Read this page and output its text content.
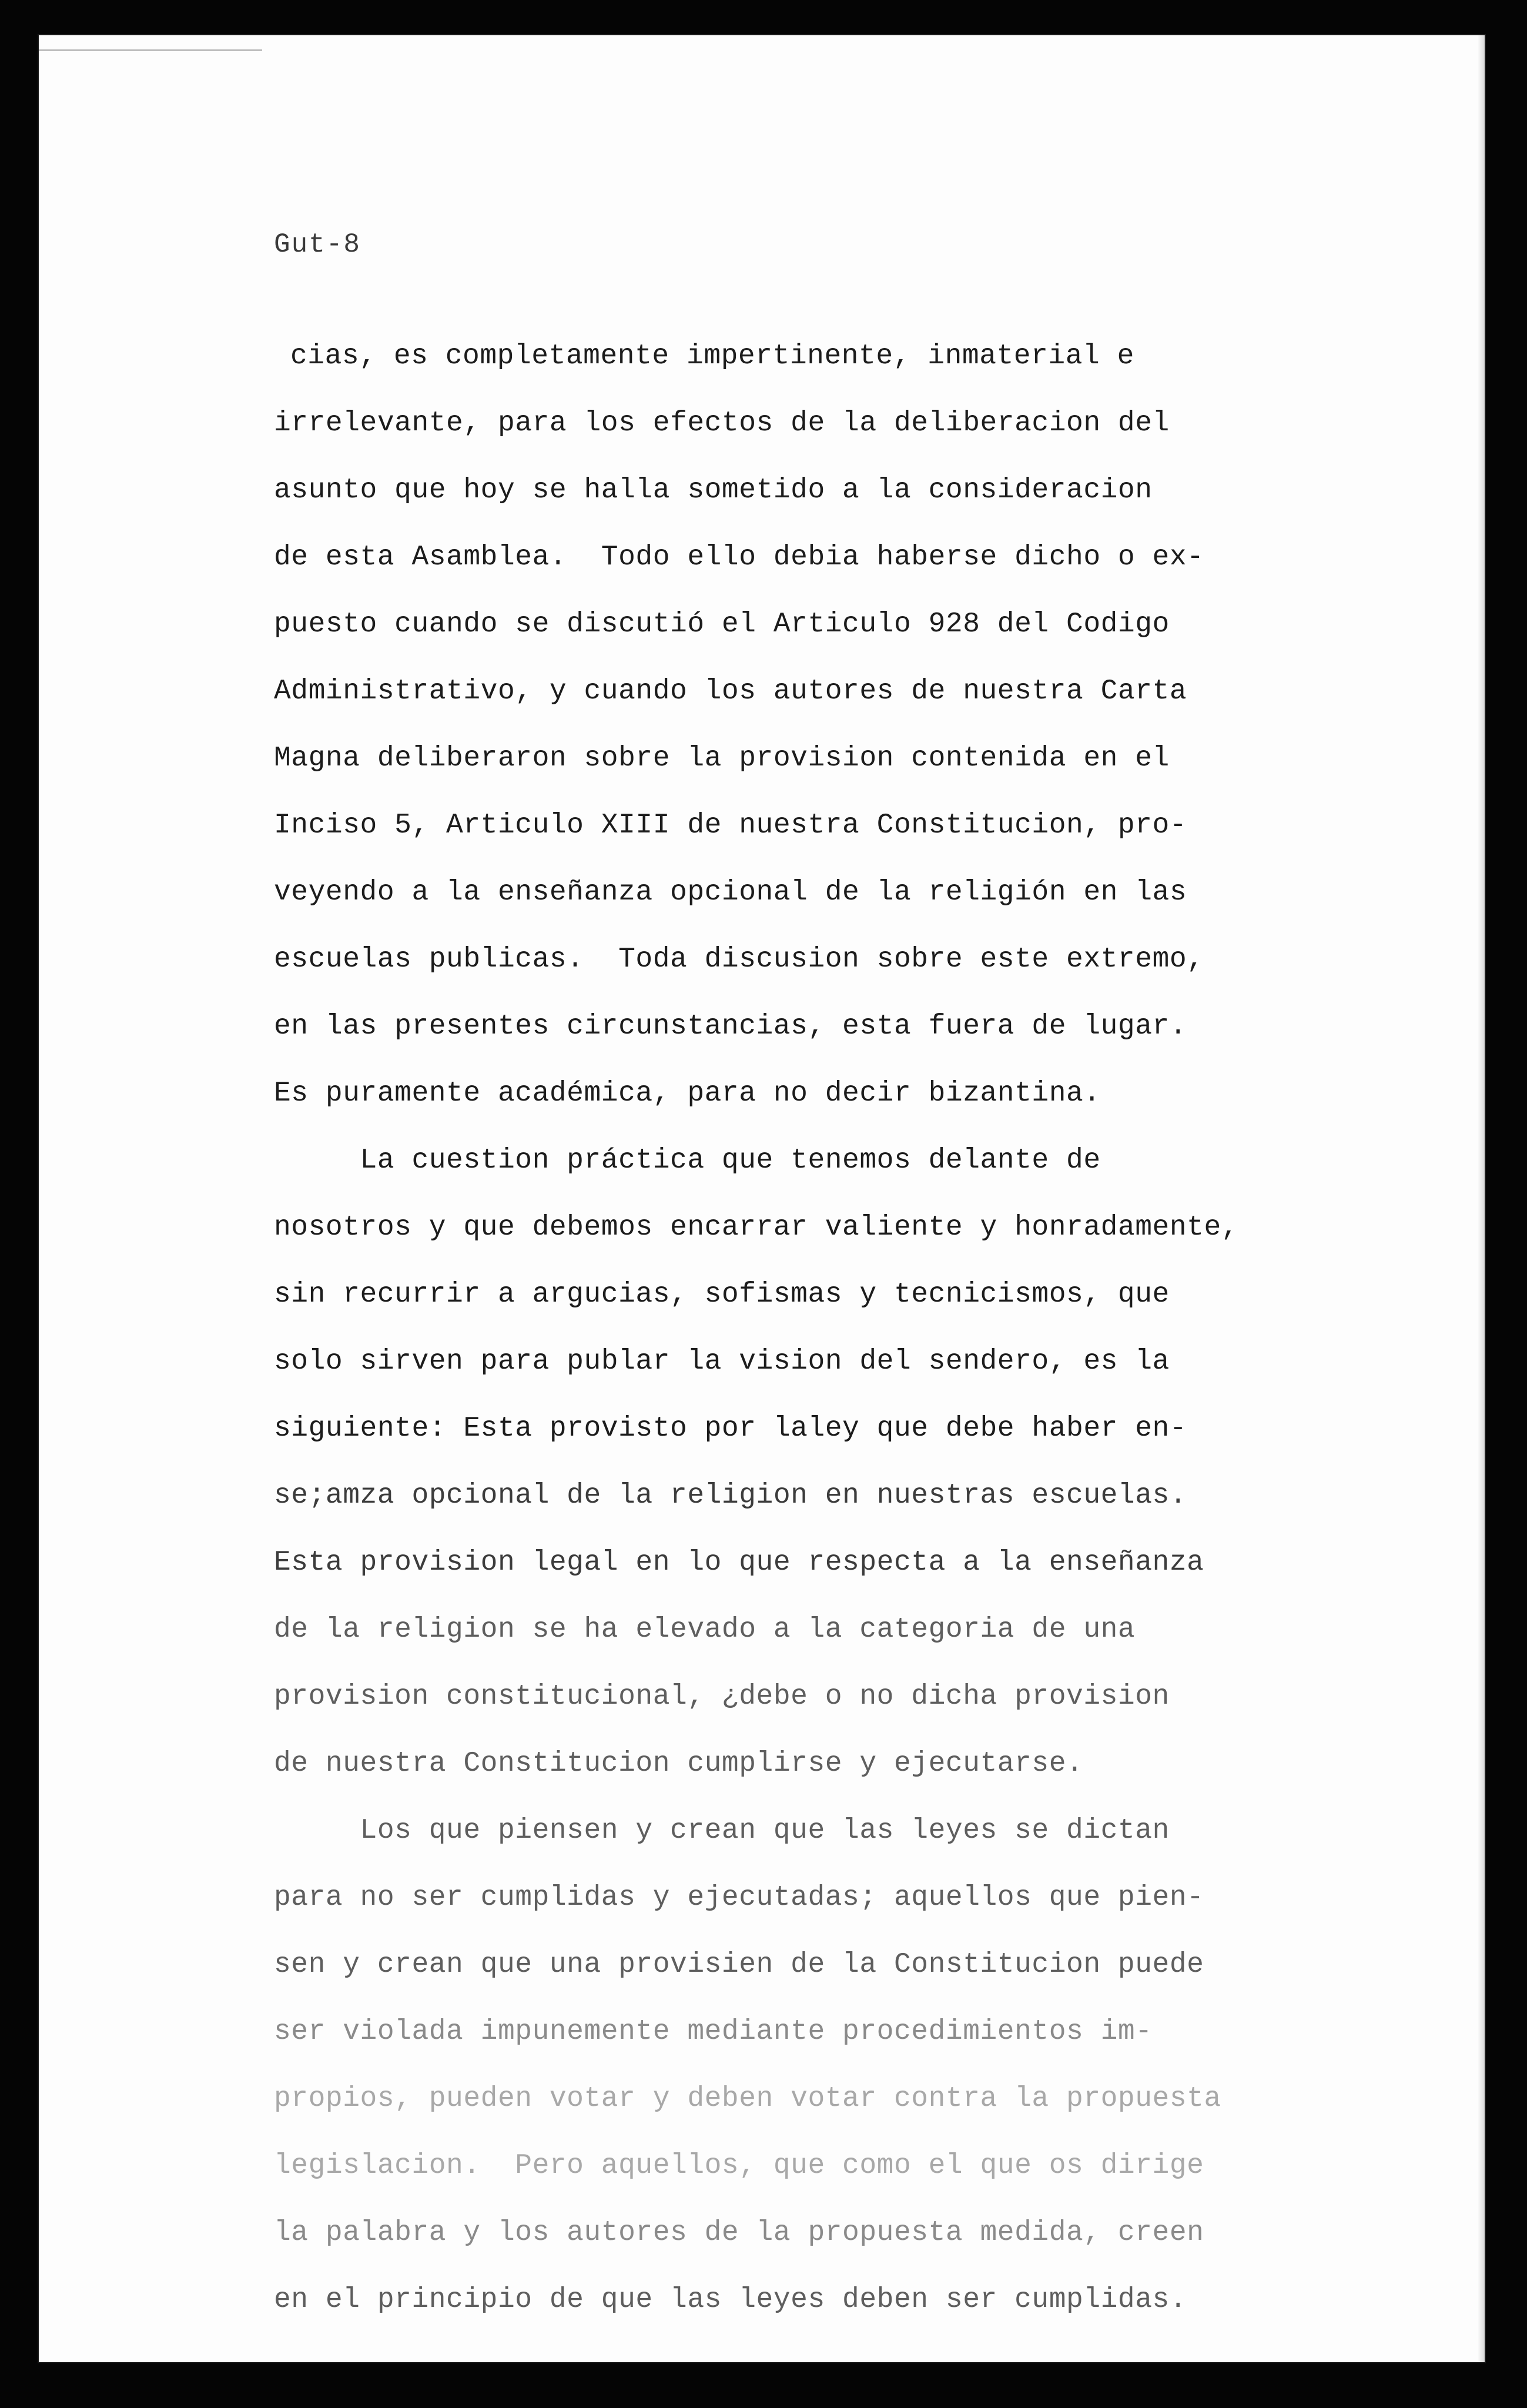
Gut-8
cias, es completamente impertinente, inmaterial e
irrelevante, para los efectos de la deliberacion del
asunto que hoy se halla sometido a la consideracion
de esta Asamblea.  Todo ello debia haberse dicho o ex-
puesto cuando se discutió el Articulo 928 del Codigo
Administrativo, y cuando los autores de nuestra Carta
Magna deliberaron sobre la provision contenida en el
Inciso 5, Articulo XIII de nuestra Constitucion, pro-
veyendo a la enseñanza opcional de la religión en las
escuelas publicas.  Toda discusion sobre este extremo,
en las presentes circunstancias, esta fuera de lugar.
Es puramente académica, para no decir bizantina.
La cuestion práctica que tenemos delante de
nosotros y que debemos encarrar valiente y honradamente,
sin recurrir a argucias, sofismas y tecnicismos, que
solo sirven para publar la vision del sendero, es la
siguiente: Esta provisto por laley que debe haber en-
se;amza opcional de la religion en nuestras escuelas.
Esta provision legal en lo que respecta a la enseñanza
de la religion se ha elevado a la categoria de una
provision constitucional, ¿debe o no dicha provision
de nuestra Constitucion cumplirse y ejecutarse.
Los que piensen y crean que las leyes se dictan
para no ser cumplidas y ejecutadas; aquellos que pien-
sen y crean que una provisien de la Constitucion puede
ser violada impunemente mediante procedimientos im-
propios, pueden votar y deben votar contra la propuesta
legislacion.  Pero aquellos, que como el que os dirige
la palabra y los autores de la propuesta medida, creen
en el principio de que las leyes deben ser cumplidas.
